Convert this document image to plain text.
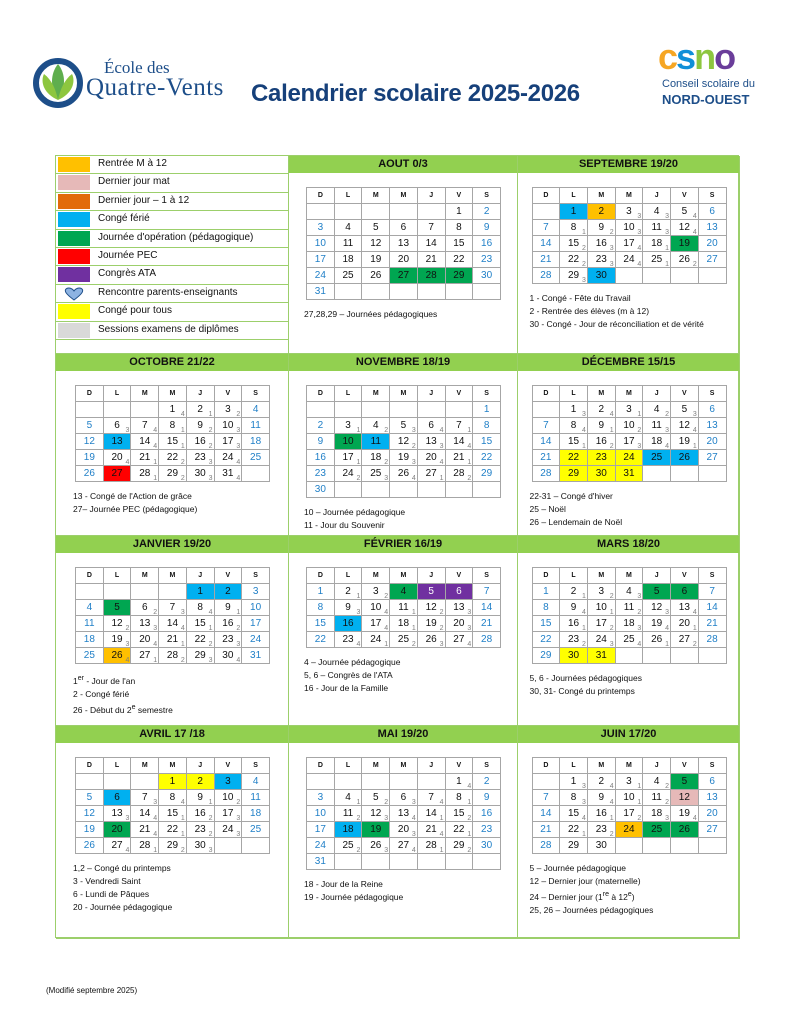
École des
Quatre-Vents Calendrier scolaire 2025-2026
csno
Conseil scolaire du
NORD-OUEST
Rentrée M à 12
Dernier jour mat
Dernier jour – 1 à 12
Congé férié
Journée d'opération (pédagogique)
Journée PEC
Congrès ATA
Rencontre parents-enseignants
Congé pour tous
Sessions examens de diplômes
AOUT 0/3
D	L	M	M	J	V	S
					1	2
3	4	5	6	7	8	9
10	11	12	13	14	15	16
17	18	19	20	21	22	23
24	25	26	27	28	29	30
31						
27,28,29 – Journées pédagogiques
SEPTEMBRE 19/20
D	L	M	M	J	V	S
	1	2	3 3	4 3	5 4	6
7	8 1	9 2	10 3	11 3	12 4	13
14	15 2	16 3	17 4	18 1	19	20
21	22 2	23 3	24 4	25 1	26 2	27
28	29 3	30				
1 - Congé - Fête du Travail
2 - Rentrée des élèves (m à 12)
30 - Congé - Jour de réconciliation et de vérité
OCTOBRE 21/22
D	L	M	M	J	V	S
			1 4	2 1	3 2	4
5	6 3	7 4	8 1	9 2	10 3	11
12	13	14 4	15 1	16 2	17 3	18
19	20 4	21 1	22 2	23 3	24 4	25
26	27	28 1	29 2	30 3	31 4	

13 - Congé de l'Action de grâce
27– Journée PEC (pédagogique)
NOVEMBRE 18/19
D	L	M	M	J	V	S
						1
2	3 1	4 2	5 3	6 4	7 1	8
9	10	11	12 2	13 3	14 4	15
16	17 1	18 2	19 3	20 4	21 1	22
23	24 2	25 3	26 4	27 1	28 2	29
30						
10 – Journée pédagogique
11 - Jour du Souvenir
DÉCEMBRE 15/15
D	L	M	M	J	V	S
	1 3	2 4	3 1	4 2	5 3	6
7	8 4	9 1	10 2	11 3	12 4	13
14	15 1	16 2	17 3	18 4	19 1	20
21	22	23	24	25	26	27
28	29	30	31			
22-31 – Congé d'hiver
25 – Noël
26 – Lendemain de Noël
JANVIER 19/20
D	L	M	M	J	V	S
				1	2	3
4	5	6 2	7 3	8 4	9 1	10
11	12 2	13 3	14 4	15 1	16 2	17
18	19 3	20 4	21 1	22 2	23 3	24
25	26 4	27 1	28 2	29 3	30 4	31
1er - Jour de l'an
2 - Congé férié
26 - Début du 2e semestre
FÉVRIER 16/19
D	L	M	M	J	V	S
1	2 1	3 2	4	5	6	7
8	9 3	10 4	11 1	12 2	13 3	14
15	16	17 4	18 1	19 2	20 3	21
22	23 4	24 1	25 2	26 3	27 4	28
4 – Journée pédagogique
5, 6 – Congrès de l'ATA
16 - Jour de la Famille
MARS 18/20
D	L	M	M	J	V	S
1	2 1	3 2	4 3	5	6	7
8	9 4	10 1	11 2	12 3	13 4	14
15	16 1	17 2	18 3	19 4	20 1	21
22	23 2	24 3	25 4	26 1	27 2	28
29	30	31				
5, 6 - Journées pédagogiques
30, 31- Congé du printemps
AVRIL 17 /18
D	L	M	M	J	V	S
			1	2	3	4
5	6	7 3	8 4	9 1	10 2	11
12	13 3	14 4	15 1	16 2	17 3	18
19	20	21 4	22 1	23 2	24 3	25
26	27 4	28 1	29 2	30 3		

1,2 – Congé du printemps
3 - Vendredi Saint
6 - Lundi de Pâques
20 - Journée pédagogique
MAI 19/20
D	L	M	M	J	V	S
					1 4	2
3	4 1	5 2	6 3	7 4	8 1	9
10	11 2	12 3	13 4	14 1	15 2	16
17	18	19	20 3	21 4	22 1	23
24	25 2	26 3	27 4	28 1	29 2	30
31						
18 - Jour de la Reine
19 - Journée pédagogique
JUIN 17/20
D	L	M	M	J	V	S
	1 3	2 4	3 1	4 2	5	6
7	8 3	9 4	10 1	11 2	12	13
14	15 4	16 1	17 2	18 3	19 4	20
21	22 1	23 2	24	25	26	27
28	29	30				
5 – Journée pédagogique
12 – Dernier jour (maternelle)
24 – Dernier jour (1re à 12e)
25, 26 – Journées pédagogiques
(Modifié septembre 2025)
